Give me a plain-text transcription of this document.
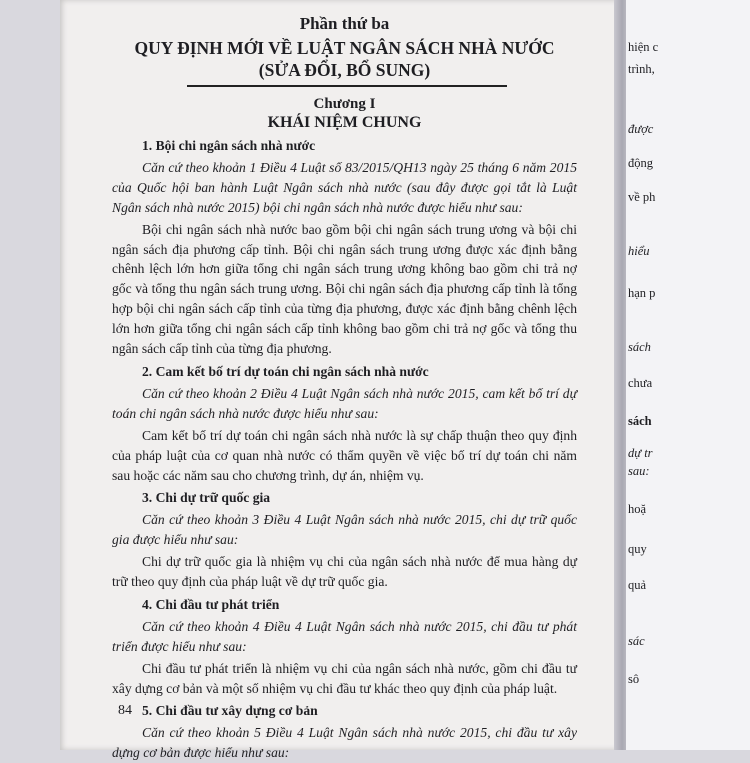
Phần thứ ba

QUY ĐỊNH MỚI VỀ LUẬT NGÂN SÁCH NHÀ NƯỚC

(SỬA ĐỔI, BỔ SUNG)

Chương I

KHÁI NIỆM CHUNG

1. Bội chi ngân sách nhà nước

Căn cứ theo khoản 1 Điều 4 Luật số 83/2015/QH13 ngày 25 tháng 6 năm 2015 của Quốc hội ban hành Luật Ngân sách nhà nước (sau đây được gọi tắt là Luật Ngân sách nhà nước 2015) bội chi ngân sách nhà nước được hiểu như sau:

Bội chi ngân sách nhà nước bao gồm bội chi ngân sách trung ương và bội chi ngân sách địa phương cấp tỉnh. Bội chi ngân sách trung ương được xác định bằng chênh lệch lớn hơn giữa tổng chi ngân sách trung ương không bao gồm chi trả nợ gốc và tổng thu ngân sách trung ương. Bội chi ngân sách địa phương cấp tỉnh là tổng hợp bội chi ngân sách cấp tỉnh của từng địa phương, được xác định bằng chênh lệch lớn hơn giữa tổng chi ngân sách cấp tỉnh không bao gồm chi trả nợ gốc và tổng thu ngân sách cấp tỉnh của từng địa phương.

2. Cam kết bố trí dự toán chi ngân sách nhà nước

Căn cứ theo khoản 2 Điều 4 Luật Ngân sách nhà nước 2015, cam kết bố trí dự toán chi ngân sách nhà nước được hiểu như sau:

Cam kết bố trí dự toán chi ngân sách nhà nước là sự chấp thuận theo quy định của pháp luật của cơ quan nhà nước có thẩm quyền về việc bố trí dự toán chi năm sau hoặc các năm sau cho chương trình, dự án, nhiệm vụ.

3. Chi dự trữ quốc gia

Căn cứ theo khoản 3 Điều 4 Luật Ngân sách nhà nước 2015, chi dự trữ quốc gia được hiểu như sau:

Chi dự trữ quốc gia là nhiệm vụ chi của ngân sách nhà nước để mua hàng dự trữ theo quy định của pháp luật về dự trữ quốc gia.

4. Chi đầu tư phát triển

Căn cứ theo khoản 4 Điều 4 Luật Ngân sách nhà nước 2015, chi đầu tư phát triển được hiểu như sau:

Chi đầu tư phát triển là nhiệm vụ chi của ngân sách nhà nước, gồm chi đầu tư xây dựng cơ bản và một số nhiệm vụ chi đầu tư khác theo quy định của pháp luật.

5. Chi đầu tư xây dựng cơ bản

Căn cứ theo khoản 5 Điều 4 Luật Ngân sách nhà nước 2015, chi đầu tư xây dựng cơ bản được hiểu như sau:

84
hiện c
trình,
được
động
về ph
hiểu
hạn p
sách
chưa
sách
dự tr
sau:
hoặ
quy
quả
sác
sô
